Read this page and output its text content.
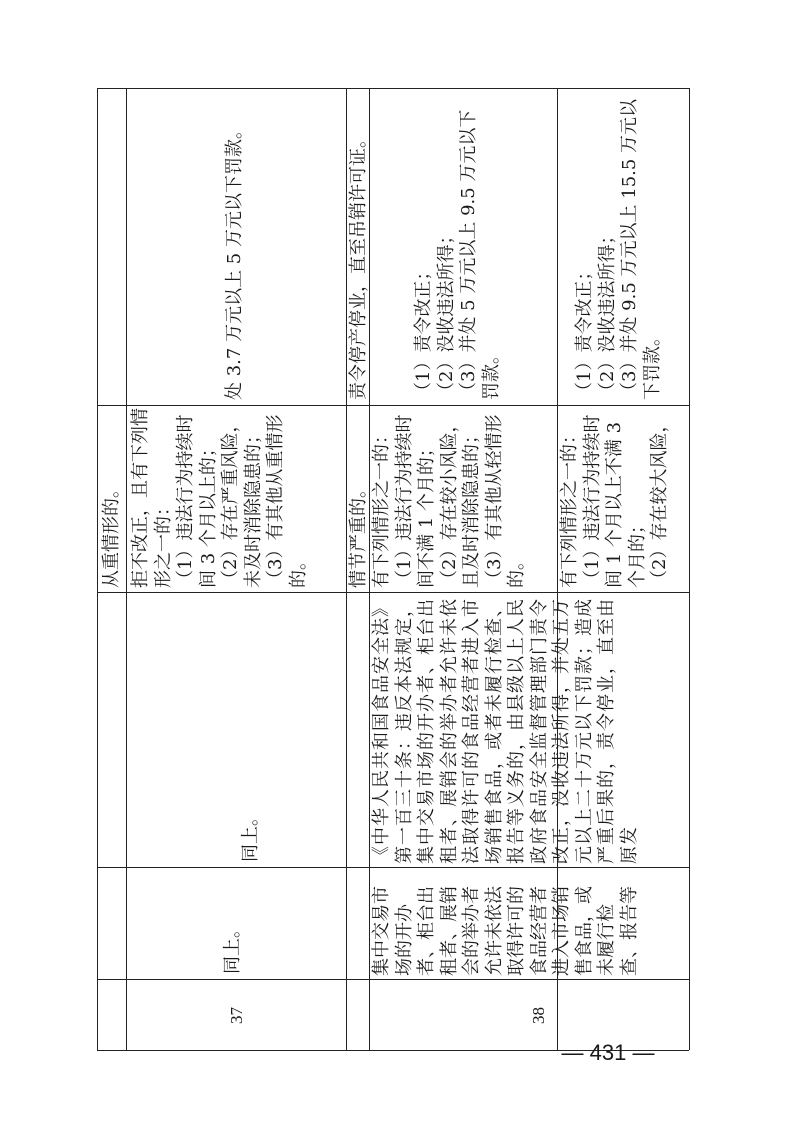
从重情形的。 拒不改正，且有下列情形之一的：
（1）违法行为持续时间 3 个月以上的；
（2）存在严重风险，未及时消除隐患的；
（3）有其他从重情形的。
处 3.7 万元以上 5 万元以下罚款。
37
同上。
同上。
情节严重的。
责令停产停业，直至吊销许可证。
38
集中交易市场的开办者、柜台出租者、展销会的举办者允许未依法取得许可的食品经营者进入市场销售食品，或未履行检查、报告等
《中华人民共和国食品安全法》第一百三十条：违反本法规定，集中交易市场的开办者、柜台出租者、展销会的举办者允许未依法取得许可的食品经营者进入市场销售食品，或者未履行检查、报告等义务的，由县级以上人民政府食品安全监督管理部门责令改正，没收违法所得，并处五万元以上二十万元以下罚款；造成严重后果的，责令停业，直至由原发
有下列情形之一的：
（1）违法行为持续时间不满 1 个月的；
（2）存在较小风险，且及时消除隐患的；
（3）有其他从轻情形的。
（1）责令改正；
（2）没收违法所得；
（3）并处 5 万元以上 9.5 万元以下罚款。
有下列情形之一的：
（1）违法行为持续时间 1 个月以上不满 3 个月的；
（2）存在较大风险，
（1）责令改正；
（2）没收违法所得；
（3）并处 9.5 万元以上 15.5 万元以下罚款。
— 431 —
